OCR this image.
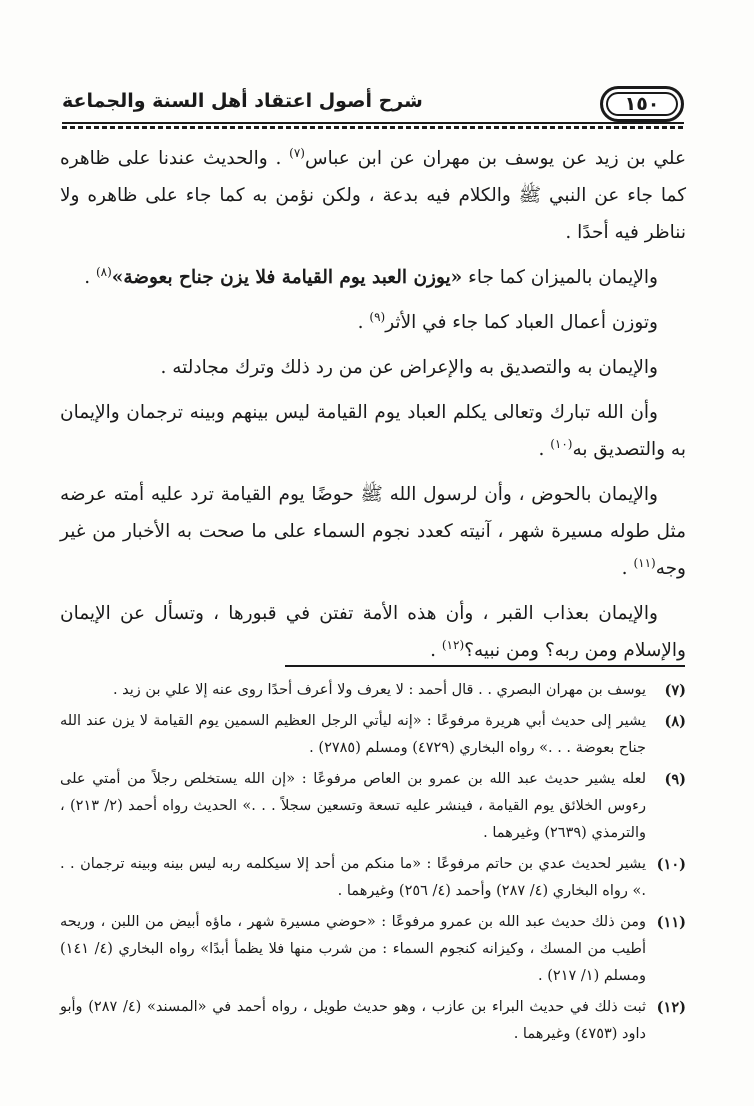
١٥٠
شرح أصول اعتقاد أهل السنة والجماعة

علي بن زيد عن يوسف بن مهران عن ابن عباس$^{(٧)}$ . والحديث عندنا على ظاهره كما جاء عن النبي ﷺ والكلام فيه بدعة ، ولكن نؤمن به كما جاء على ظاهره ولا نناظر فيه أحدًا .

والإيمان بالميزان كما جاء «يوزن العبد يوم القيامة فلا يزن جناح بعوضة»$^{(٨)}$ .

وتوزن أعمال العباد كما جاء في الأثر$^{(٩)}$ .

والإيمان به والتصديق به والإعراض عن من رد ذلك وترك مجادلته .

وأن الله تبارك وتعالى يكلم العباد يوم القيامة ليس بينهم وبينه ترجمان والإيمان به والتصديق به$^{(١٠)}$ .

والإيمان بالحوض ، وأن لرسول الله ﷺ حوضًا يوم القيامة ترد عليه أمته عرضه مثل طوله مسيرة شهر ، آنيته كعدد نجوم السماء على ما صحت به الأخبار من غير وجه$^{(١١)}$ .

والإيمان بعذاب القبر ، وأن هذه الأمة تفتن في قبورها ، وتسأل عن الإيمان والإسلام ومن ربه؟ ومن نبيه؟$^{(١٢)}$ .

(٧)
يوسف بن مهران البصري . . قال أحمد : لا يعرف ولا أعرف أحدًا روى عنه إلا علي بن زيد .
(٨)
يشير إلى حديث أبي هريرة مرفوعًا : «إنه ليأتي الرجل العظيم السمين يوم القيامة لا يزن عند الله جناح بعوضة . . .» رواه البخاري (٤٧٢٩) ومسلم (٢٧٨٥) .
(٩)
لعله يشير حديث عبد الله بن عمرو بن العاص مرفوعًا : «إن الله يستخلص رجلاً من أمتي على رءوس الخلائق يوم القيامة ، فينشر عليه تسعة وتسعين سجلاً . . .» الحديث رواه أحمد (٢/ ٢١٣) ، والترمذي (٢٦٣٩) وغيرهما .
(١٠)
يشير لحديث عدي بن حاتم مرفوعًا : «ما منكم من أحد إلا سيكلمه ربه ليس بينه وبينه ترجمان . . .» رواه البخاري (٤/ ٢٨٧) وأحمد (٤/ ٢٥٦) وغيرهما .
(١١)
ومن ذلك حديث عبد الله بن عمرو مرفوعًا : «حوضي مسيرة شهر ، ماؤه أبيض من اللبن ، وريحه أطيب من المسك ، وكيزانه كنجوم السماء : من شرب منها فلا يظمأ أبدًا» رواه البخاري (٤/ ١٤١) ومسلم (١/ ٢١٧) .
(١٢)
ثبت ذلك في حديث البراء بن عازب ، وهو حديث طويل ، رواه أحمد في «المسند» (٤/ ٢٨٧) وأبو داود (٤٧٥٣) وغيرهما .
